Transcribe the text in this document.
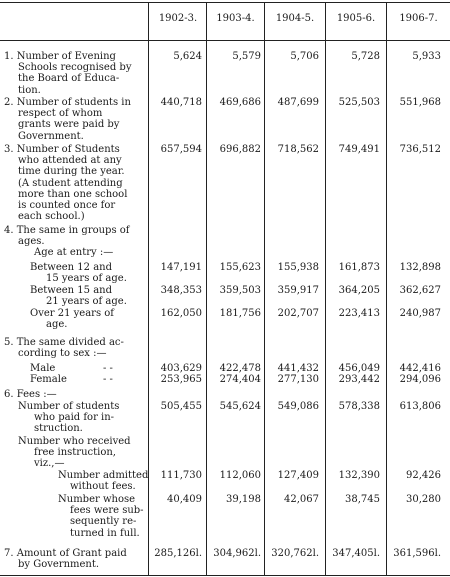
1902-3.	1903-4.	1904-5.	1905-6.	1906-7.
1. Number of Evening
Schools recognised by
the Board of Educa-
tion.
5,624	5,579	5,706	5,728	5,933
2. Number of students in
respect of whom
grants were paid by
Government.
440,718	469,686	487,699	525,503	551,968
3. Number of Students
who attended at any
time during the year.
(A student attending
more than one school
is counted once for
each school.)
657,594	696,882	718,562	749,491	736,512
4. The same in groups of
ages.
Age at entry :—
Between 12 and
15 years of age.
147,191	155,623	155,938	161,873	132,898
Between 15 and
21 years of age.
348,353	359,503	359,917	364,205	362,627
Over 21 years of
age.
162,050	181,756	202,707	223,413	240,987
5. The same divided ac-
cording to sex :—
Male	- -	403,629	422,478	441,432	456,049	442,416
Female	- -	253,965	274,404	277,130	293,442	294,096
6. Fees :—
Number of students
who paid for in-
struction.
505,455	545,624	549,086	578,338	613,806
Number who received
free instruction,
viz.,—
Number admitted
without fees.
111,730	112,060	127,409	132,390	92,426
Number whose
fees were sub-
sequently re-
turned in full.
40,409	39,198	42,067	38,745	30,280
7. Amount of Grant paid
by Government.
285,126l.	304,962l.	320,762l.	347,405l.	361,596l.
